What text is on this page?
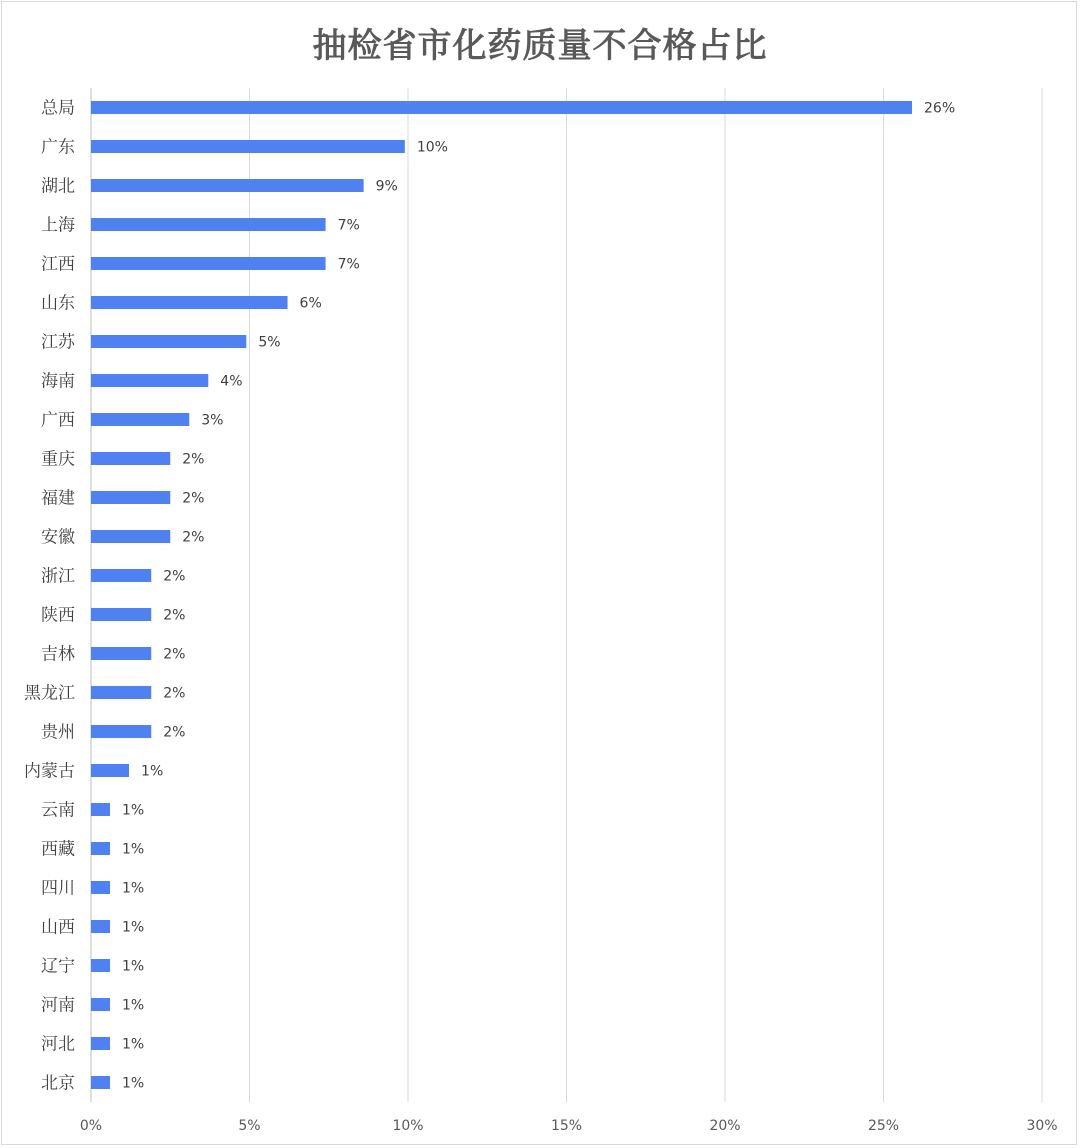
抽检省市化药质量不合格占比
总局
广东
湖北
上海
江西
山东
江苏
海南
广西
重庆
福建
安徽
浙江
陕西
吉林
黑龙江
贵州
内蒙古
云南
西藏
四川
山西
辽宁
河南
河北
北京
26%
10%
9%
7%
7%
6%
5%
4%
3%
2%
2%
2%
2%
2%
2%
2%
2%
1%
1%
1%
1%
1%
1%
1%
1%
1%
0%	5%	10%	15%	20%	25%	30%
